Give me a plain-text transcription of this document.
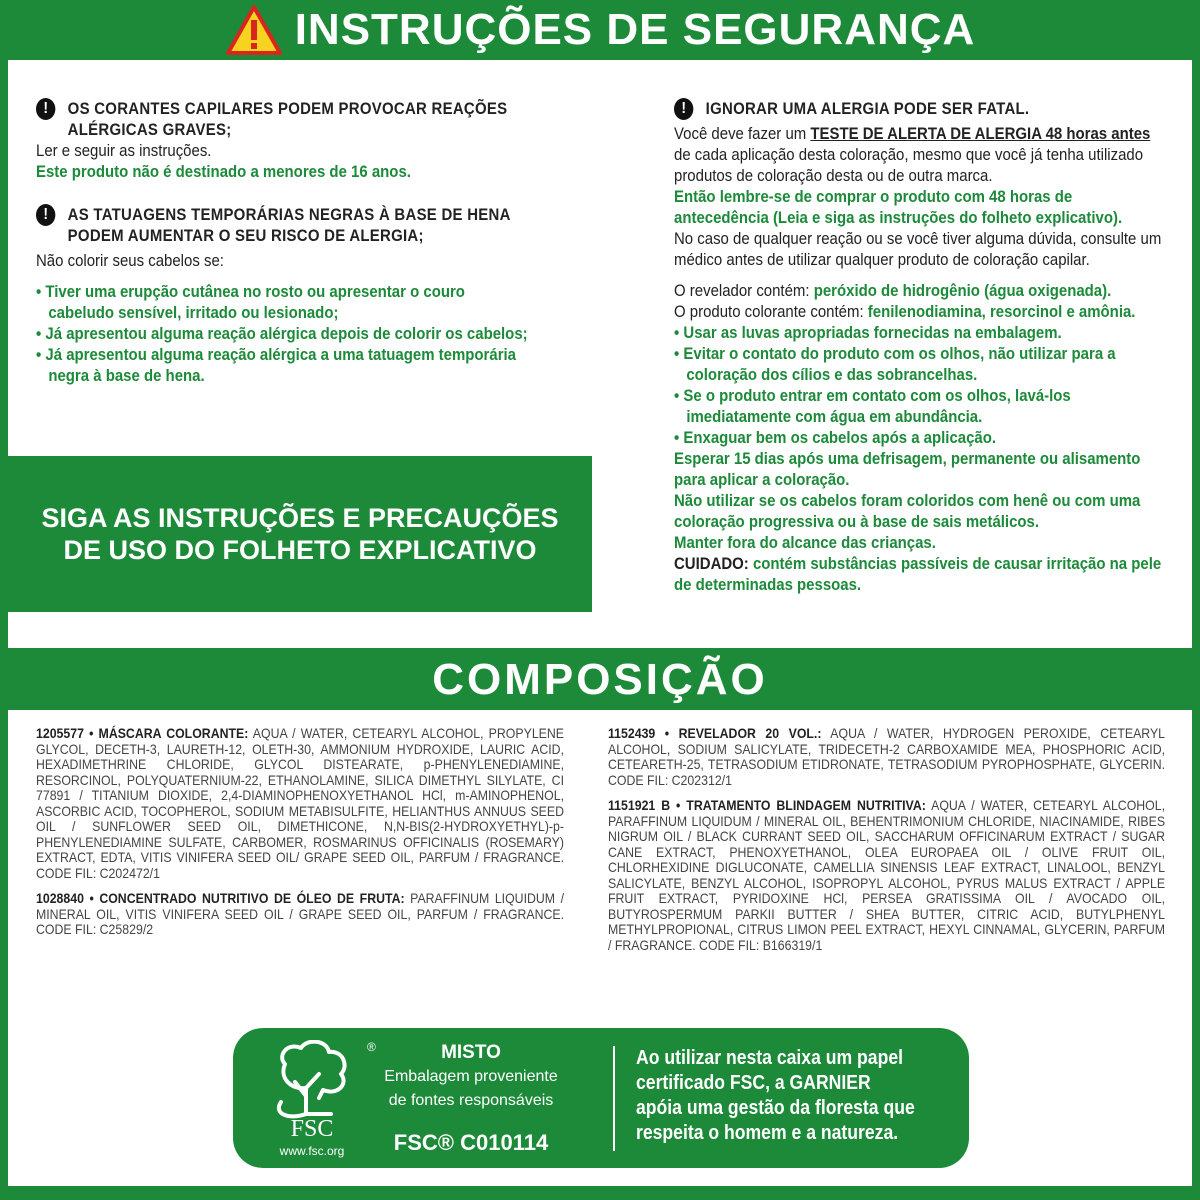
INSTRUÇÕES DE SEGURANÇA
!	OS CORANTES CAPILARES PODEM PROVOCAR REAÇÕES ALÉRGICAS GRAVES;
Ler e seguir as instruções.
Este produto não é destinado a menores de 16 anos.
!	AS TATUAGENS TEMPORÁRIAS NEGRAS À BASE DE HENA PODEM AUMENTAR O SEU RISCO DE ALERGIA;
Não colorir seus cabelos se:
• Tiver uma erupção cutânea no rosto ou apresentar o couro cabeludo sensível, irritado ou lesionado;
• Já apresentou alguma reação alérgica depois de colorir os cabelos;
• Já apresentou alguma reação alérgica a uma tatuagem temporária negra à base de hena.
SIGA AS INSTRUÇÕES E PRECAUÇÕES
DE USO DO FOLHETO EXPLICATIVO
!	IGNORAR UMA ALERGIA PODE SER FATAL.
Você deve fazer um TESTE DE ALERTA DE ALERGIA 48 horas antes de cada aplicação desta coloração, mesmo que você já tenha utilizado produtos de coloração desta ou de outra marca.
Então lembre-se de comprar o produto com 48 horas de antecedência (Leia e siga as instruções do folheto explicativo).
No caso de qualquer reação ou se você tiver alguma dúvida, consulte um médico antes de utilizar qualquer produto de coloração capilar.
O revelador contém: peróxido de hidrogênio (água oxigenada).
O produto colorante contém: fenilenodiamina, resorcinol e amônia.
• Usar as luvas apropriadas fornecidas na embalagem.
• Evitar o contato do produto com os olhos, não utilizar para a coloração dos cílios e das sobrancelhas.
• Se o produto entrar em contato com os olhos, lavá-los imediatamente com água em abundância.
• Enxaguar bem os cabelos após a aplicação.
Esperar 15 dias após uma defrisagem, permanente ou alisamento para aplicar a coloração.
Não utilizar se os cabelos foram coloridos com henê ou com uma coloração progressiva ou à base de sais metálicos.
Manter fora do alcance das crianças.
CUIDADO: contém substâncias passíveis de causar irritação na pele de determinadas pessoas.
COMPOSIÇÃO

1205577 • MÁSCARA COLORANTE: AQUA / WATER, CETEARYL ALCOHOL, PROPYLENE GLYCOL, DECETH-3, LAURETH-12, OLETH-30, AMMONIUM HYDROXIDE, LAURIC ACID, HEXADIMETHRINE CHLORIDE, GLYCOL DISTEARATE, p-PHENYLENEDIAMINE, RESORCINOL, POLYQUATERNIUM-22, ETHANOLAMINE, SILICA DIMETHYL SILYLATE, CI 77891 / TITANIUM DIOXIDE, 2,4-DIAMINOPHENOXYETHANOL HCl, m-AMINOPHENOL, ASCORBIC ACID, TOCOPHEROL, SODIUM METABISULFITE, HELIANTHUS ANNUUS SEED OIL / SUNFLOWER SEED OIL, DIMETHICONE, N,N-BIS(2-HYDROXYETHYL)-p-PHENYLENEDIAMINE SULFATE, CARBOMER, ROSMARINUS OFFICINALIS (ROSEMARY) EXTRACT, EDTA, VITIS VINIFERA SEED OIL/ GRAPE SEED OIL, PARFUM / FRAGRANCE. CODE FIL: C202472/1

1028840 • CONCENTRADO NUTRITIVO DE ÓLEO DE FRUTA: PARAFFINUM LIQUIDUM / MINERAL OIL, VITIS VINIFERA SEED OIL / GRAPE SEED OIL, PARFUM / FRAGRANCE. CODE FIL: C25829/2

1152439 • REVELADOR 20 VOL.: AQUA / WATER, HYDROGEN PEROXIDE, CETEARYL ALCOHOL, SODIUM SALICYLATE, TRIDECETH-2 CARBOXAMIDE MEA, PHOSPHORIC ACID, CETEARETH-25, TETRASODIUM ETIDRONATE, TETRASODIUM PYROPHOSPHATE, GLYCERIN. CODE FIL: C202312/1

1151921 B • TRATAMENTO BLINDAGEM NUTRITIVA: AQUA / WATER, CETEARYL ALCOHOL, PARAFFINUM LIQUIDUM / MINERAL OIL, BEHENTRIMONIUM CHLORIDE, NIACINAMIDE, RIBES NIGRUM OIL / BLACK CURRANT SEED OIL, SACCHARUM OFFICINARUM EXTRACT / SUGAR CANE EXTRACT, PHENOXYETHANOL, OLEA EUROPAEA OIL / OLIVE FRUIT OIL, CHLORHEXIDINE DIGLUCONATE, CAMELLIA SINENSIS LEAF EXTRACT, LINALOOL, BENZYL SALICYLATE, BENZYL ALCOHOL, ISOPROPYL ALCOHOL, PYRUS MALUS EXTRACT / APPLE FRUIT EXTRACT, PYRIDOXINE HCl, PERSEA GRATISSIMA OIL / AVOCADO OIL, BUTYROSPERMUM PARKII BUTTER / SHEA BUTTER, CITRIC ACID, BUTYLPHENYL METHYLPROPIONAL, CITRUS LIMON PEEL EXTRACT, HEXYL CINNAMAL, GLYCERIN, PARFUM / FRAGRANCE. CODE FIL: B166319/1

®
FSC
www.fsc.org
MISTO
Embalagem proveniente
de fontes responsáveis
FSC® C010114
Ao utilizar nesta caixa um papel certificado FSC, a GARNIER apóia uma gestão da floresta que respeita o homem e a natureza.
